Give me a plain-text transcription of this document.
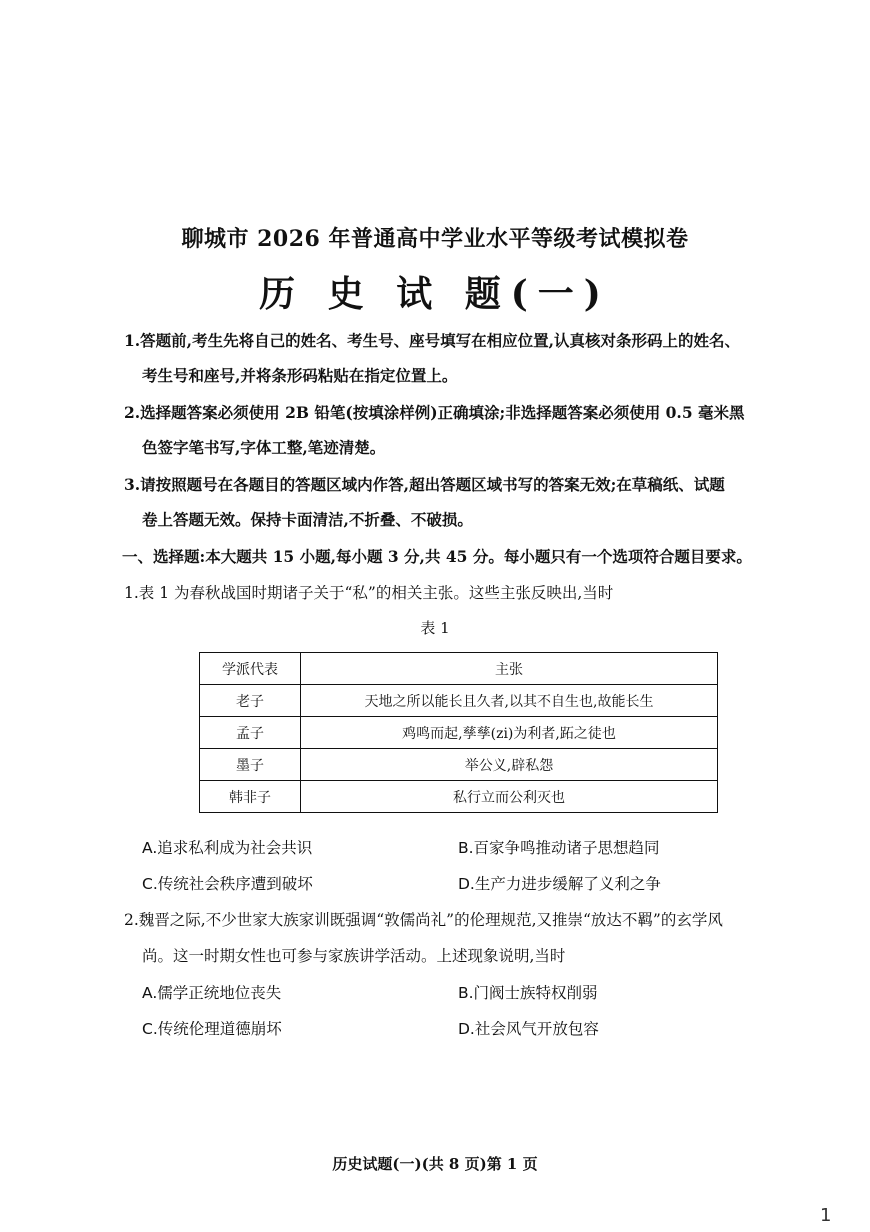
聊城市 2026 年普通高中学业水平等级考试模拟卷
历 史 试 题(一)
1.答题前,考生先将自己的姓名、考生号、座号填写在相应位置,认真核对条形码上的姓名、
考生号和座号,并将条形码粘贴在指定位置上。
2.选择题答案必须使用 2B 铅笔(按填涂样例)正确填涂;非选择题答案必须使用 0.5 毫米黑
色签字笔书写,字体工整,笔迹清楚。
3.请按照题号在各题目的答题区域内作答,超出答题区域书写的答案无效;在草稿纸、试题
卷上答题无效。保持卡面清洁,不折叠、不破损。
一、选择题:本大题共 15 小题,每小题 3 分,共 45 分。每小题只有一个选项符合题目要求。
1.表 1 为春秋战国时期诸子关于“私”的相关主张。这些主张反映出,当时
表 1
学派代表	主张
老子	天地之所以能长且久者,以其不自生也,故能长生
孟子	鸡鸣而起,孳孳(zi)为利者,跖之徒也
墨子	举公义,辟私怨
韩非子	私行立而公利灭也
A.追求私利成为社会共识	B.百家争鸣推动诸子思想趋同
C.传统社会秩序遭到破坏	D.生产力进步缓解了义利之争
2.魏晋之际,不少世家大族家训既强调“敦儒尚礼”的伦理规范,又推崇“放达不羁”的玄学风
尚。这一时期女性也可参与家族讲学活动。上述现象说明,当时
A.儒学正统地位丧失	B.门阀士族特权削弱
C.传统伦理道德崩坏	D.社会风气开放包容
历史试题(一)(共 8 页)第 1 页
1
